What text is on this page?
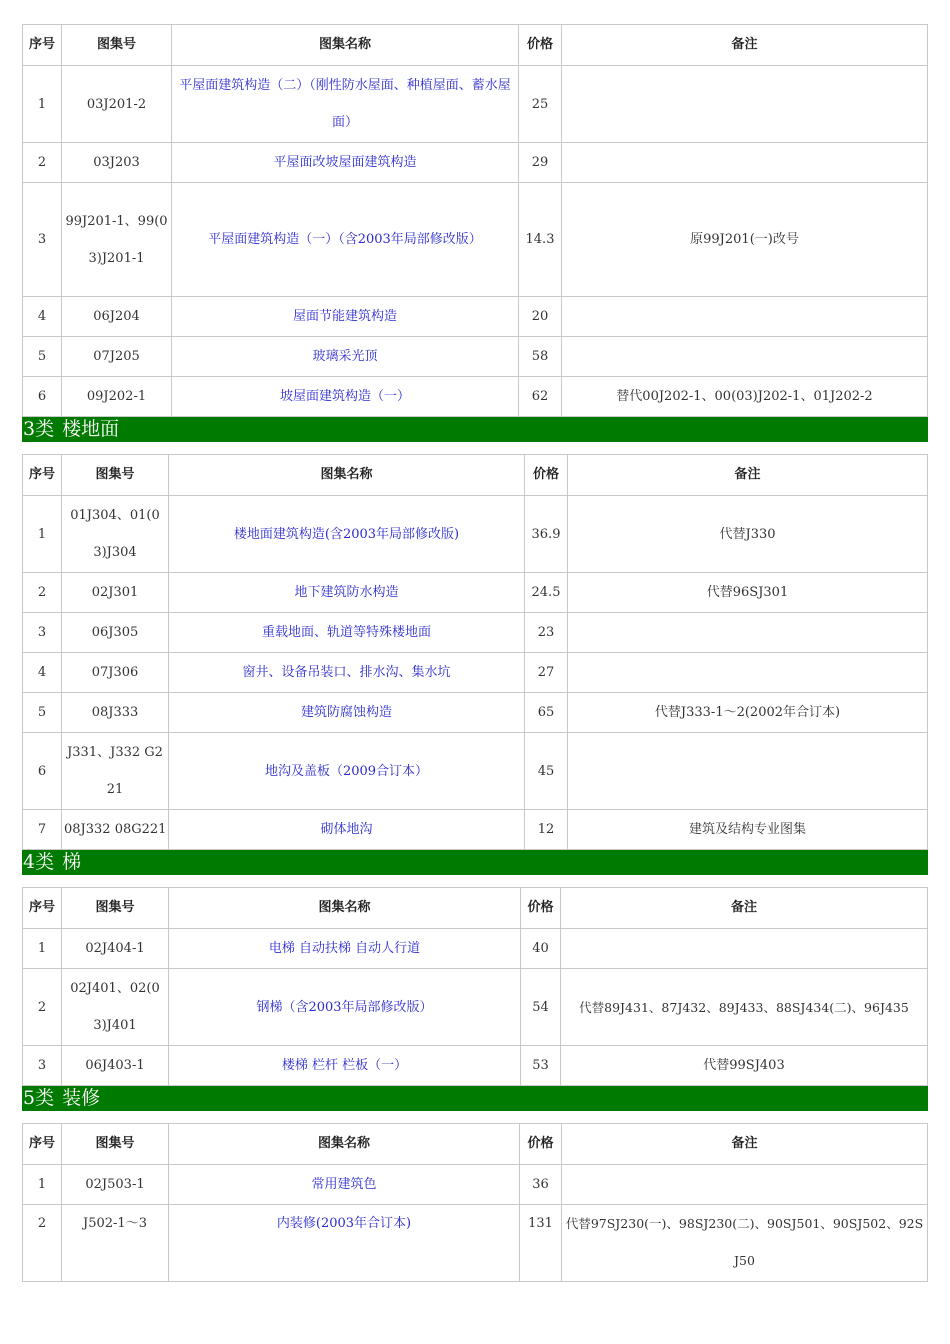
序号	图集号	图集名称	价格	备注
1	03J201-2	平屋面建筑构造（二）（刚性防水屋面、种植屋面、蓄水屋面）	25	
2	03J203	平屋面改坡屋面建筑构造	29	
3	99J201-1、99(03)J201-1	平屋面建筑构造（一）（含2003年局部修改版）	14.3	原99J201(一)改号
4	06J204	屋面节能建筑构造	20	
5	07J205	玻璃采光顶	58	
6	09J202-1	坡屋面建筑构造（一）	62	替代00J202-1、00(03)J202-1、01J202-2
3类 楼地面
序号	图集号	图集名称	价格	备注
1	01J304、01(03)J304	楼地面建筑构造(含2003年局部修改版)	36.9	代替J330
2	02J301	地下建筑防水构造	24.5	代替96SJ301
3	06J305	重载地面、轨道等特殊楼地面	23	
4	07J306	窗井、设备吊装口、排水沟、集水坑	27	
5	08J333	建筑防腐蚀构造	65	代替J333-1～2(2002年合订本)
6	J331、J332 G221	地沟及盖板（2009合订本）	45	
7	08J332 08G221	砌体地沟	12	建筑及结构专业图集
4类 梯
序号	图集号	图集名称	价格	备注
1	02J404-1	电梯 自动扶梯 自动人行道	40	
2	02J401、02(03)J401	钢梯（含2003年局部修改版）	54	代替89J431、87J432、89J433、88SJ434(二)、96J435
3	06J403-1	楼梯 栏杆 栏板（一）	53	代替99SJ403
5类 装修
序号	图集号	图集名称	价格	备注
1	02J503-1	常用建筑色	36	
2	J502-1～3	内装修(2003年合订本)	131	代替97SJ230(一)、98SJ230(二)、90SJ501、90SJ502、92SJ50
